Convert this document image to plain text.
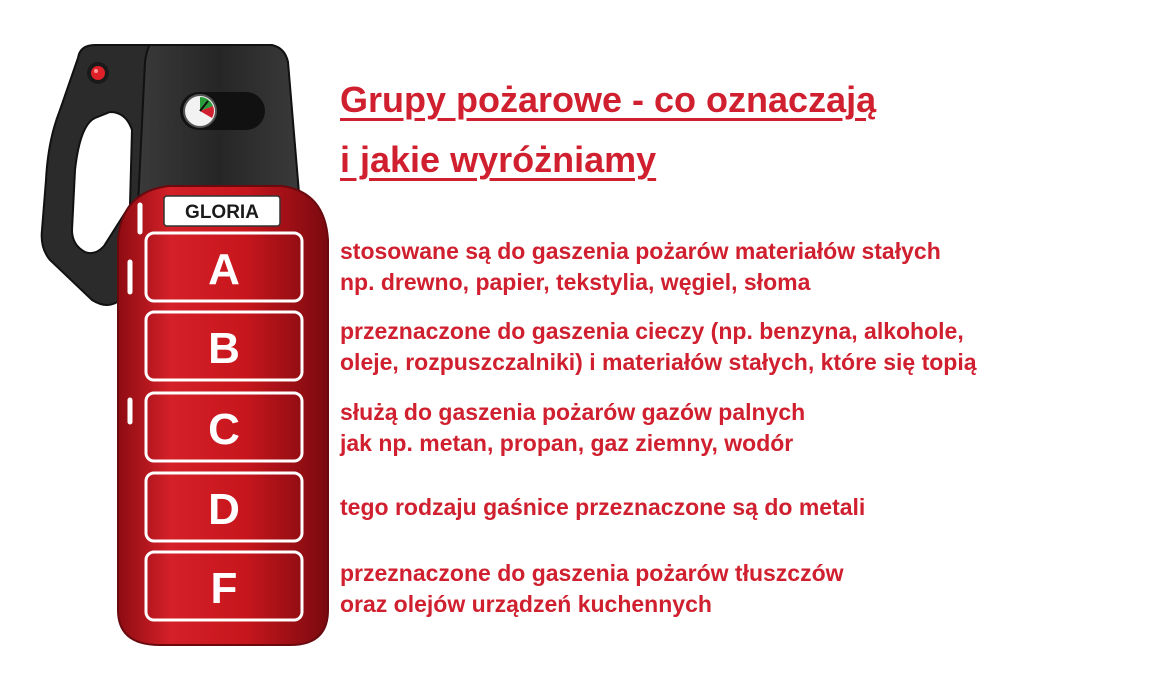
GLORIA
A
B
C
D
F
Grupy pożarowe - co oznaczają
i jakie wyróżniamy

stosowane są do gaszenia pożarów materiałów stałych
np. drewno, papier, tekstylia, węgiel, słoma

przeznaczone do gaszenia cieczy (np. benzyna, alkohole,
oleje, rozpuszczalniki) i materiałów stałych, które się topią

służą do gaszenia pożarów gazów palnych
jak np. metan, propan, gaz ziemny, wodór

tego rodzaju gaśnice przeznaczone są do metali

przeznaczone do gaszenia pożarów tłuszczów
oraz olejów urządzeń kuchennych
